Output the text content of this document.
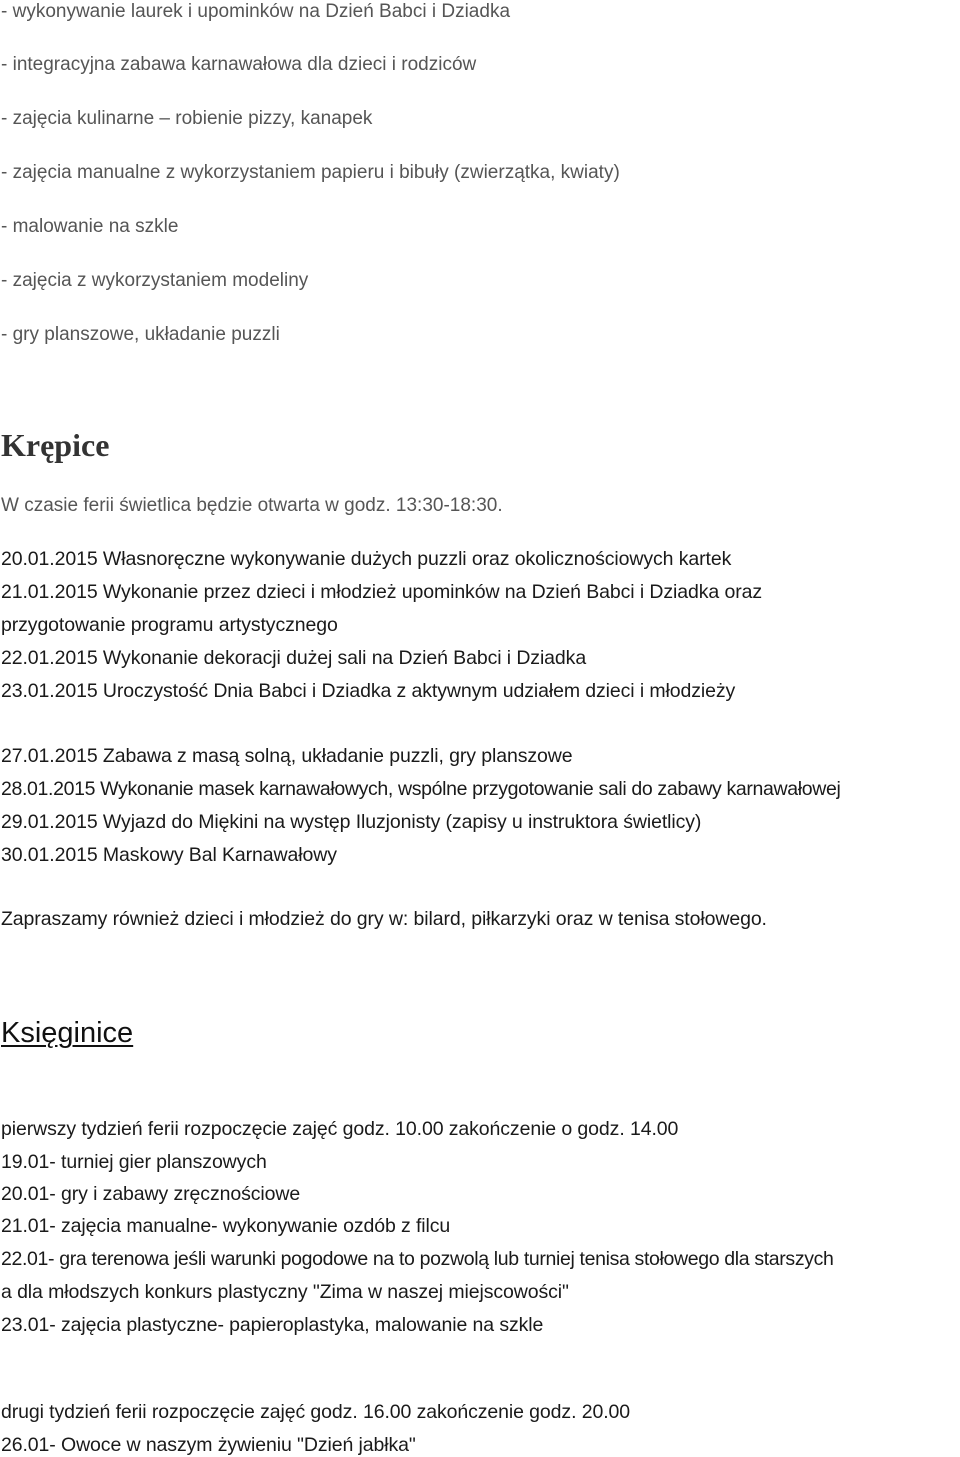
- wykonywanie laurek i upominków na Dzień Babci i Dziadka
- integracyjna zabawa karnawałowa dla dzieci i rodziców
- zajęcia kulinarne – robienie pizzy, kanapek
- zajęcia manualne z wykorzystaniem papieru i bibuły (zwierzątka, kwiaty)
- malowanie na szkle
- zajęcia z wykorzystaniem modeliny
- gry planszowe, układanie puzzli
Krępice
W czasie ferii świetlica będzie otwarta w godz. 13:30-18:30.
20.01.2015 Własnoręczne wykonywanie dużych puzzli oraz okolicznościowych kartek
21.01.2015 Wykonanie przez dzieci i młodzież upominków na Dzień Babci i Dziadka oraz
przygotowanie programu artystycznego
22.01.2015 Wykonanie dekoracji dużej sali na Dzień Babci i Dziadka
23.01.2015 Uroczystość Dnia Babci i Dziadka z aktywnym udziałem dzieci i młodzieży
27.01.2015 Zabawa z masą solną, układanie puzzli, gry planszowe
28.01.2015 Wykonanie masek karnawałowych, wspólne przygotowanie sali do zabawy karnawałowej
29.01.2015 Wyjazd do Miękini na występ Iluzjonisty (zapisy u instruktora świetlicy)
30.01.2015 Maskowy Bal Karnawałowy
Zapraszamy również dzieci i młodzież do gry w: bilard, piłkarzyki oraz w tenisa stołowego.
Księginice
pierwszy tydzień ferii rozpoczęcie zajęć godz. 10.00 zakończenie o godz. 14.00
19.01- turniej gier planszowych
20.01- gry i zabawy zręcznościowe
21.01- zajęcia manualne- wykonywanie ozdób z filcu
22.01- gra terenowa jeśli warunki pogodowe na to pozwolą lub turniej tenisa stołowego dla starszych
a dla młodszych konkurs plastyczny "Zima w naszej miejscowości"
23.01- zajęcia plastyczne- papieroplastyka, malowanie na szkle
drugi tydzień ferii rozpoczęcie zajęć godz. 16.00 zakończenie godz. 20.00
26.01- Owoce w naszym żywieniu "Dzień jabłka"
